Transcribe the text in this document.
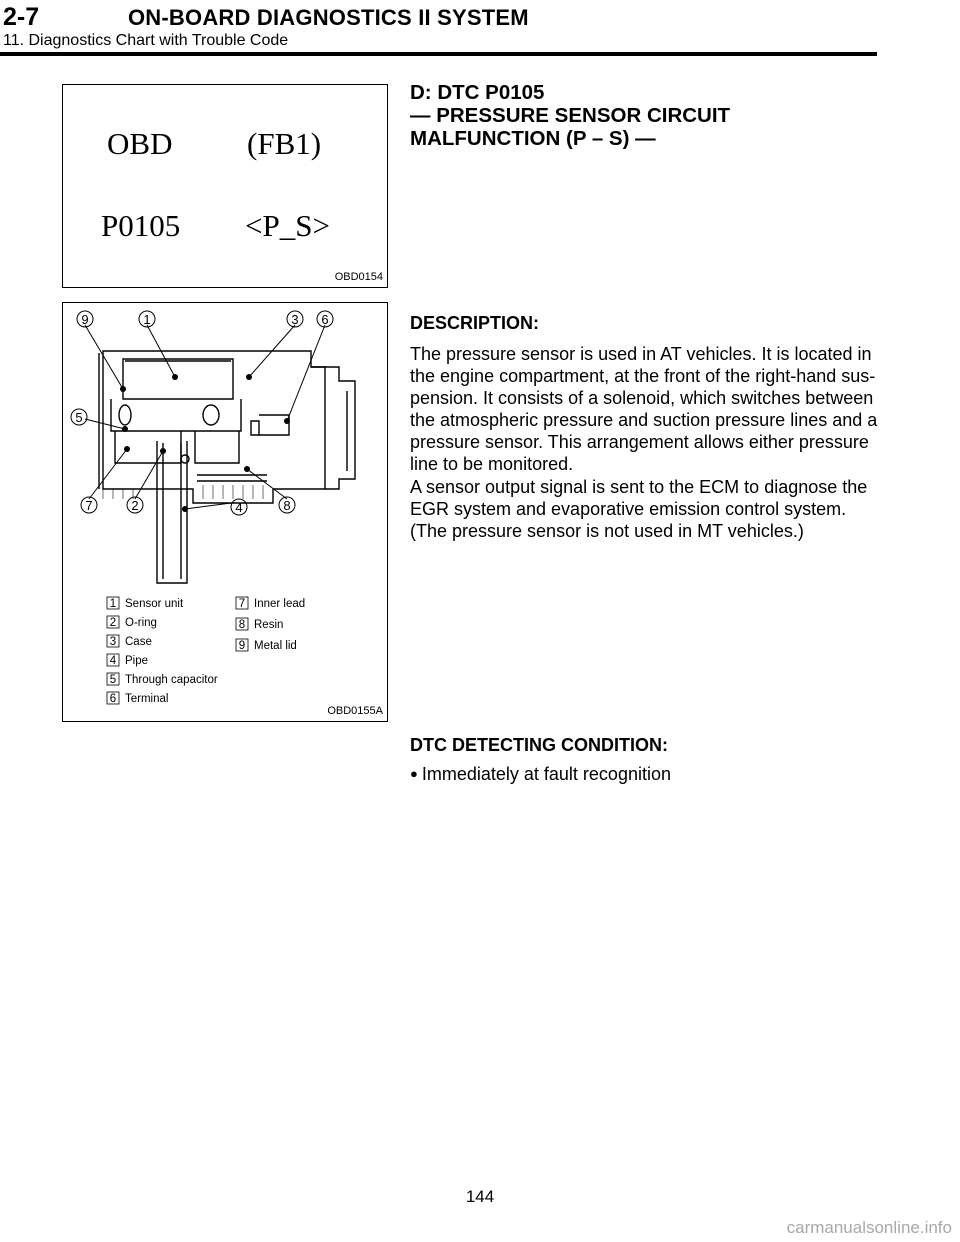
2-7	ON-BOARD DIAGNOSTICS II SYSTEM
11. Diagnostics Chart with Trouble Code
OBD (FB1)
P0105 <P_S>
OBD0154
D: DTC P0105
— PRESSURE SENSOR CIRCUIT
MALFUNCTION (P – S) —
9	1	3 6
5
7	2	4	8
1 Sensor unit
2 O-ring
3 Case
4 Pipe
5 Through capacitor
6 Terminal
7 Inner lead
8 Resin
9 Metal lid
OBD0155A
DESCRIPTION:
The pressure sensor is used in AT vehicles. It is located in
the engine compartment, at the front of the right-hand sus-
pension. It consists of a solenoid, which switches between
the atmospheric pressure and suction pressure lines and a
pressure sensor. This arrangement allows either pressure
line to be monitored.
A sensor output signal is sent to the ECM to diagnose the
EGR system and evaporative emission control system.
(The pressure sensor is not used in MT vehicles.)
DTC DETECTING CONDITION:
● Immediately at fault recognition
144
carmanualsonline.info
